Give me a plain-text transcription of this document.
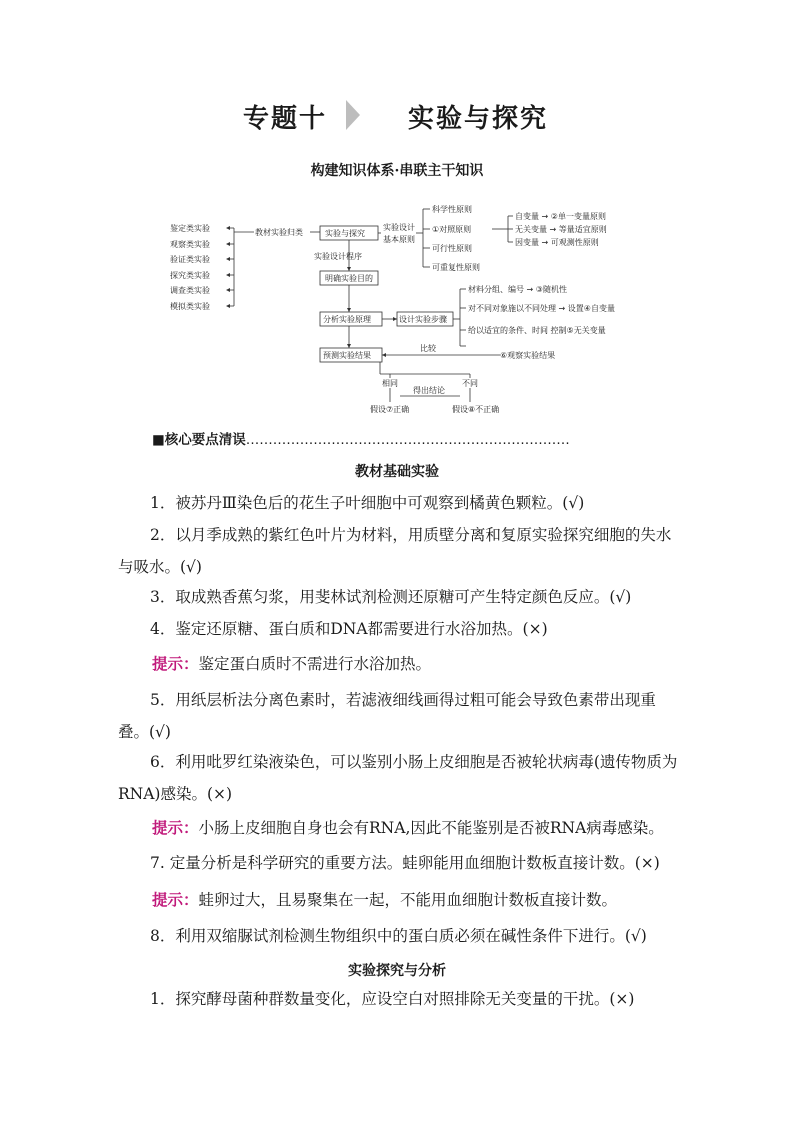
专题十	实验与探究
构建知识体系·串联主干知识
鉴定类实验
观察类实验
验证类实验
探究类实验
调查类实验
模拟类实验
教材实验归类	实验与探究
实验设计
基本原则
实验设计程序
科学性原则
①对照原则
可行性原则
可重复性原则
自变量 → ②单一变量原则
无关变量 → 等量适宜原则
因变量 → 可观测性原则
明确实验目的
分析实验原理	设计实验步骤
预测实验结果
材料分组、编号 → ③随机性
对不同对象施以不同处理 → 设置④自变量
给以适宜的条件、时间 控制⑤无关变量
⑥观察实验结果
比较
相同	不同
得出结论
假设⑦正确	假设⑧不正确
■核心要点清误………………………………………………………………
教材基础实验

1．被苏丹Ⅲ染色后的花生子叶细胞中可观察到橘黄色颗粒。(√)

2．以月季成熟的紫红色叶片为材料，用质壁分离和复原实验探究细胞的失水与吸水。(√)

3．取成熟香蕉匀浆，用斐林试剂检测还原糖可产生特定颜色反应。(√)

4．鉴定还原糖、蛋白质和DNA都需要进行水浴加热。(×)

提示：鉴定蛋白质时不需进行水浴加热。

5．用纸层析法分离色素时，若滤液细线画得过粗可能会导致色素带出现重叠。(√)

6．利用吡罗红染液染色，可以鉴别小肠上皮细胞是否被轮状病毒(遗传物质为RNA)感染。(×)

提示：小肠上皮细胞自身也会有RNA,因此不能鉴别是否被RNA病毒感染。

7. 定量分析是科学研究的重要方法。蛙卵能用血细胞计数板直接计数。(×)

提示：蛙卵过大，且易聚集在一起，不能用血细胞计数板直接计数。

8．利用双缩脲试剂检测生物组织中的蛋白质必须在碱性条件下进行。(√)

实验探究与分析

1．探究酵母菌种群数量变化，应设空白对照排除无关变量的干扰。(×)
